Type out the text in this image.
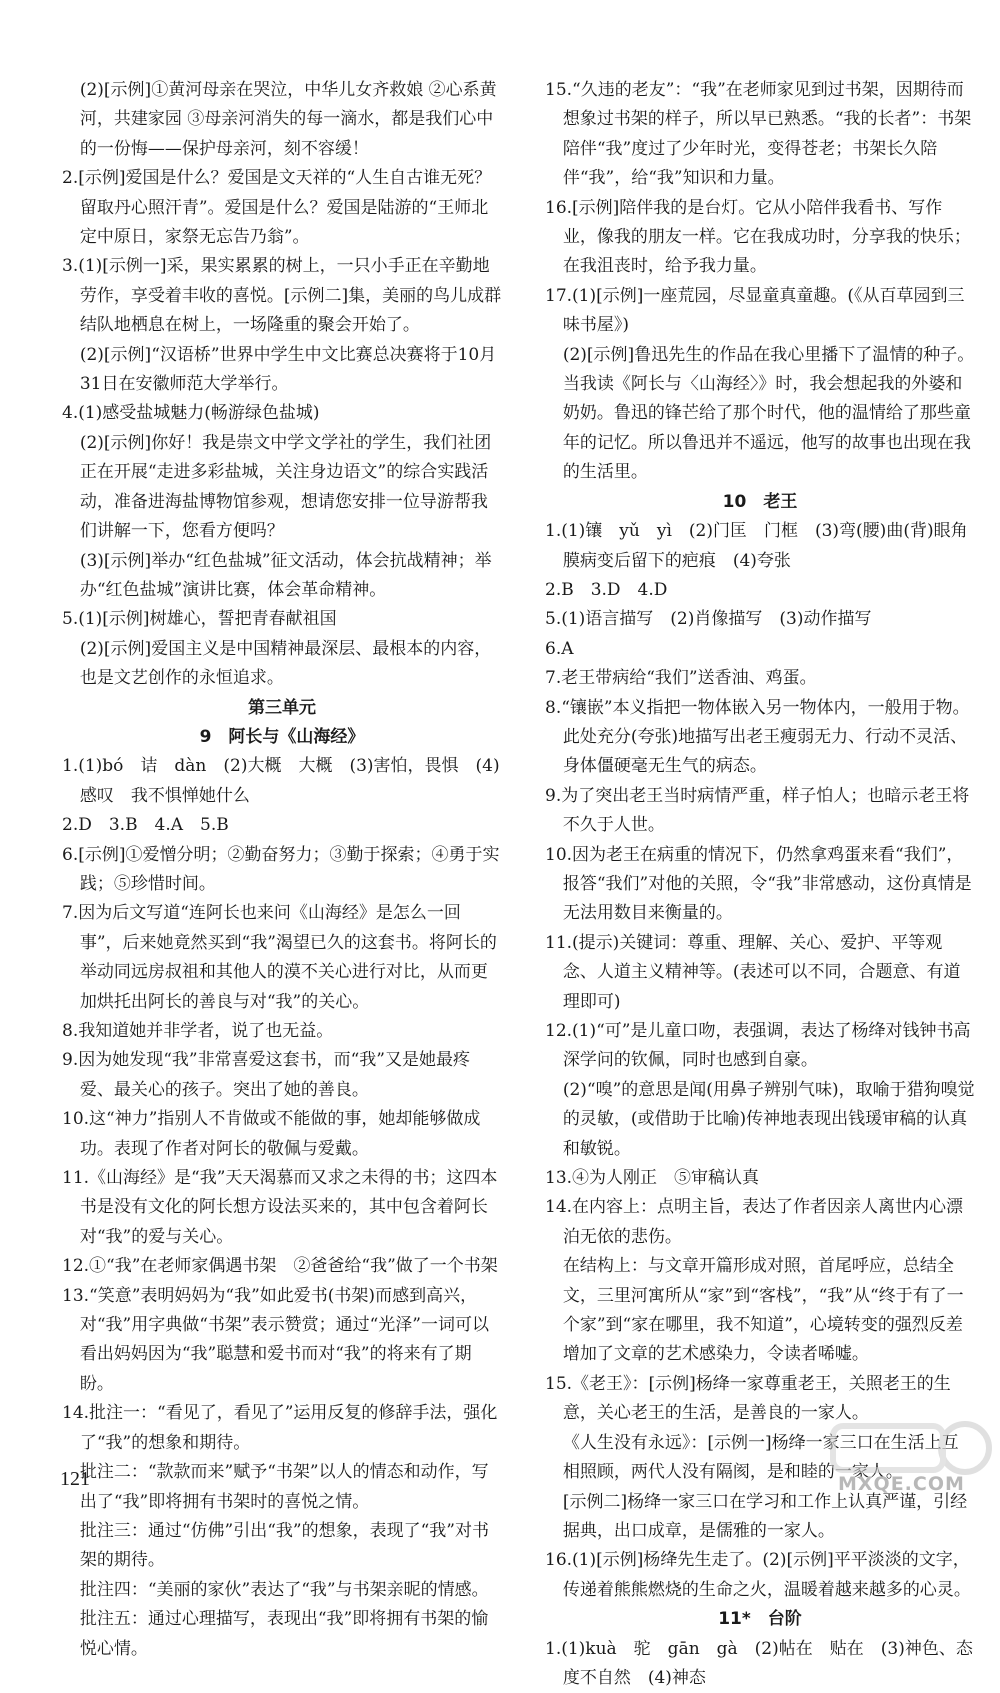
(2)[示例]①黄河母亲在哭泣，中华儿女齐救娘 ②心系黄河，共建家园 ③母亲河消失的每一滴水，都是我们心中的一份悔——保护母亲河，刻不容缓！

2.[示例]爱国是什么？爱国是文天祥的“人生自古谁无死？留取丹心照汗青”。爱国是什么？爱国是陆游的“王师北定中原日，家祭无忘告乃翁”。

3.(1)[示例一]采，果实累累的树上，一只小手正在辛勤地劳作，享受着丰收的喜悦。[示例二]集，美丽的鸟儿成群结队地栖息在树上，一场隆重的聚会开始了。

(2)[示例]“汉语桥”世界中学生中文比赛总决赛将于10月31日在安徽师范大学举行。

4.(1)感受盐城魅力(畅游绿色盐城)

(2)[示例]你好！我是崇文中学文学社的学生，我们社团正在开展“走进多彩盐城，关注身边语文”的综合实践活动，准备进海盐博物馆参观，想请您安排一位导游帮我们讲解一下，您看方便吗？

(3)[示例]举办“红色盐城”征文活动，体会抗战精神；举办“红色盐城”演讲比赛，体会革命精神。

5.(1)[示例]树雄心，誓把青春献祖国

(2)[示例]爱国主义是中国精神最深层、最根本的内容，也是文艺创作的永恒追求。

第三单元

9　阿长与《山海经》

1.(1)bó　诘　dàn　(2)大概　大概　(3)害怕，畏惧　(4)感叹　我不惧惮她什么

2.D　3.B　4.A　5.B

6.[示例]①爱憎分明；②勤奋努力；③勤于探索；④勇于实践；⑤珍惜时间。

7.因为后文写道“连阿长也来问《山海经》是怎么一回事”，后来她竟然买到“我”渴望已久的这套书。将阿长的举动同远房叔祖和其他人的漠不关心进行对比，从而更加烘托出阿长的善良与对“我”的关心。

8.我知道她并非学者，说了也无益。

9.因为她发现“我”非常喜爱这套书，而“我”又是她最疼爱、最关心的孩子。突出了她的善良。

10.这“神力”指别人不肯做或不能做的事，她却能够做成功。表现了作者对阿长的敬佩与爱戴。

11.《山海经》是“我”天天渴慕而又求之未得的书；这四本书是没有文化的阿长想方设法买来的，其中包含着阿长对“我”的爱与关心。

12.①“我”在老师家偶遇书架　②爸爸给“我”做了一个书架

13.“笑意”表明妈妈为“我”如此爱书(书架)而感到高兴，对“我”用字典做“书架”表示赞赏；通过“光泽”一词可以看出妈妈因为“我”聪慧和爱书而对“我”的将来有了期盼。

14.批注一：“看见了，看见了”运用反复的修辞手法，强化了“我”的想象和期待。

批注二：“款款而来”赋予“书架”以人的情态和动作，写出了“我”即将拥有书架时的喜悦之情。

批注三：通过“仿佛”引出“我”的想象，表现了“我”对书架的期待。

批注四：“美丽的家伙”表达了“我”与书架亲昵的情感。

批注五：通过心理描写，表现出“我”即将拥有书架的愉悦心情。

15.“久违的老友”：“我”在老师家见到过书架，因期待而想象过书架的样子，所以早已熟悉。“我的长者”：书架陪伴“我”度过了少年时光，变得苍老；书架长久陪伴“我”，给“我”知识和力量。

16.[示例]陪伴我的是台灯。它从小陪伴我看书、写作业，像我的朋友一样。它在我成功时，分享我的快乐；在我沮丧时，给予我力量。

17.(1)[示例]一座荒园，尽显童真童趣。(《从百草园到三味书屋》)

(2)[示例]鲁迅先生的作品在我心里播下了温情的种子。当我读《阿长与〈山海经〉》时，我会想起我的外婆和奶奶。鲁迅的锋芒给了那个时代，他的温情给了那些童年的记忆。所以鲁迅并不遥远，他写的故事也出现在我的生活里。

10　老王

1.(1)镶　yǔ　yì　(2)门匡　门框　(3)弯(腰)曲(背)眼角膜病变后留下的疤痕　(4)夸张

2.B　3.D　4.D

5.(1)语言描写　(2)肖像描写　(3)动作描写

6.A

7.老王带病给“我们”送香油、鸡蛋。

8.“镶嵌”本义指把一物体嵌入另一物体内，一般用于物。此处充分(夸张)地描写出老王瘦弱无力、行动不灵活、身体僵硬毫无生气的病态。

9.为了突出老王当时病情严重，样子怕人；也暗示老王将不久于人世。

10.因为老王在病重的情况下，仍然拿鸡蛋来看“我们”，报答“我们”对他的关照，令“我”非常感动，这份真情是无法用数目来衡量的。

11.(提示)关键词：尊重、理解、关心、爱护、平等观念、人道主义精神等。(表述可以不同，合题意、有道理即可)

12.(1)“可”是儿童口吻，表强调，表达了杨绛对钱钟书高深学问的钦佩，同时也感到自豪。

(2)“嗅”的意思是闻(用鼻子辨别气味)，取喻于猎狗嗅觉的灵敏，(或借助于比喻)传神地表现出钱瑗审稿的认真和敏锐。

13.④为人刚正　⑤审稿认真

14.在内容上：点明主旨，表达了作者因亲人离世内心漂泊无依的悲伤。

在结构上：与文章开篇形成对照，首尾呼应，总结全文，三里河寓所从“家”到“客栈”，“我”从“终于有了一个家”到“家在哪里，我不知道”，心境转变的强烈反差增加了文章的艺术感染力，令读者唏嘘。

15.《老王》：[示例]杨绛一家尊重老王，关照老王的生意，关心老王的生活，是善良的一家人。

《人生没有永远》：[示例一]杨绛一家三口在生活上互相照顾，两代人没有隔阂，是和睦的一家人。

[示例二]杨绛一家三口在学习和工作上认真严谨，引经据典，出口成章，是儒雅的一家人。

16.(1)[示例]杨绛先生走了。(2)[示例]平平淡淡的文字，传递着熊熊燃烧的生命之火，温暖着越来越多的心灵。

11*　台阶

1.(1)kuà　驼　gān　gà　(2)帖在　贴在　(3)神色、态度不自然　(4)神态

121	MXQE.COM
